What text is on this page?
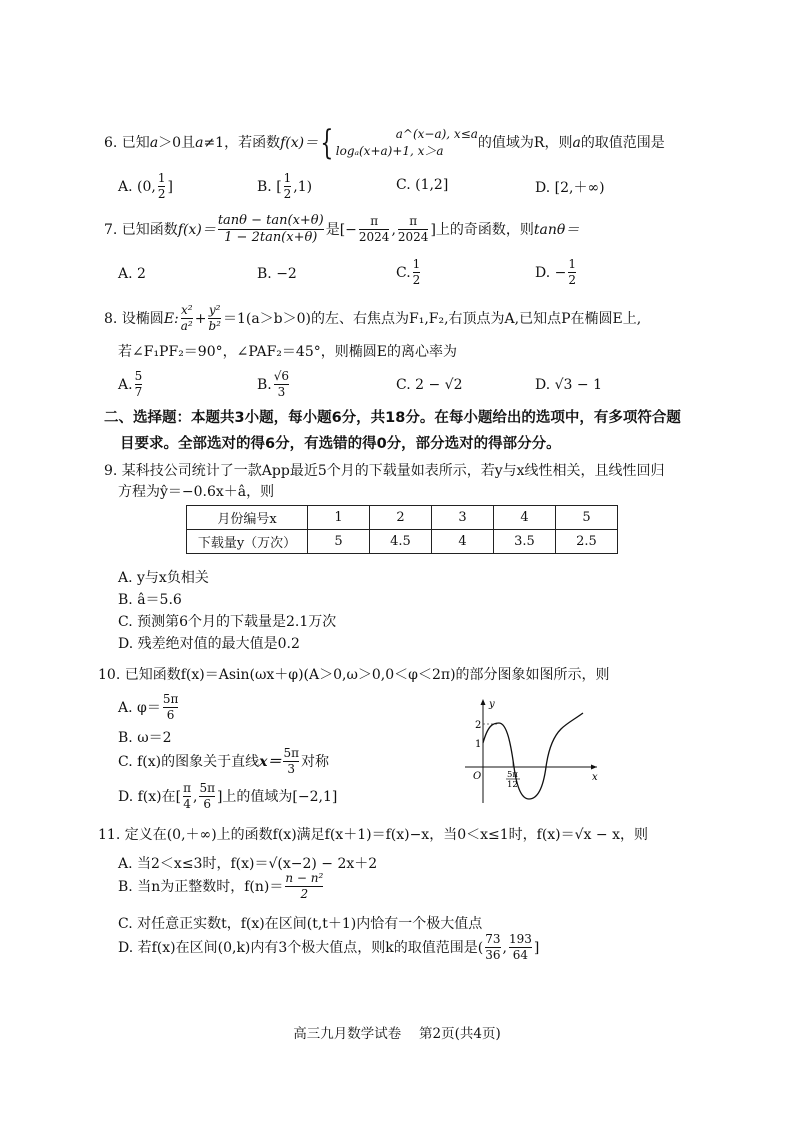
6. 已知a＞0且a≠1，若函数f(x)＝{	a^(x−a), x≤a
logₐ(x+a)+1, x＞a	的值域为R，则a的取值范围是
A. (0, $\frac{1}{2}$ ]	B. [ $\frac{1}{2} ,1$)	C. (1,2]	D. [2,＋∞)
7. 已知函数$f(x)= \frac{\tan\theta - \tan(x+\theta)}{1 - 2\tan(x+\theta)}$ 是[− $\frac{\pi}{2024}$ , $\frac{\pi}{2024}$ ]上的奇函数，则tanθ＝
A. 2	B. −2	C. $\frac{1}{2}$	D. − $\frac{1}{2}$
8. 设椭圆E: $\frac{\text{x²}}{\text{a²}} + \frac{\text{y²}}{\text{b²}} =1(a>b>0)$的左、右焦点为F₁,F₂,右顶点为A,已知点P在椭圆E上,
若∠F₁PF₂＝90°，∠PAF₂＝45°，则椭圆E的离心率为
A. $\frac{5}{7}$	B. $\frac{√6}{3}$	C. 2 − √2	D. √3 − 1
二、选择题：本题共3小题，每小题6分，共18分。在每小题给出的选项中，有多项符合题
目要求。全部选对的得6分，有选错的得0分，部分选对的得部分分。
9. 某科技公司统计了一款App最近5个月的下载量如表所示，若y与x线性相关，且线性回归
方程为ŷ＝−0.6x＋â，则
月份编号x	1	2	3	4	5
下载量y（万次）	5	4.5	4	3.5	2.5
A. y与x负相关
B. â＝5.6
C. 预测第6个月的下载量是2.1万次
D. 残差绝对值的最大值是0.2
10. 已知函数f(x)＝Asin(ωx＋φ)(A＞0,ω＞0,0＜φ＜2π)的部分图象如图所示，则
A. $\varphi= \frac{5\pi}{6}$
B. ω＝2
C. f(x)的图象关于直线$x= \frac{5\pi}{3}$ 对称
D. f(x)在[ $\frac{\pi}{4}$ , $\frac{5\pi}{6}$ ]上的值域为[−2,1]
y
x
O
2
1
5π
12
11. 定义在(0,＋∞)上的函数f(x)满足f(x＋1)＝f(x)−x，当0＜x≤1时，f(x)＝√x − x，则
A. 当2＜x≤3时，f(x)＝√(x−2) − 2x＋2
B. 当n为正整数时，$f(n)= \frac{\text{n − n²}}{2}$
C. 对任意正实数t，f(x)在区间(t,t＋1)内恰有一个极大值点
D. 若f(x)在区间(0,k)内有3个极大值点，则k的取值范围是( $\frac{73}{36}$ , $\frac{193}{64}$ ]
高三九月数学试卷　 第2页(共4页)
